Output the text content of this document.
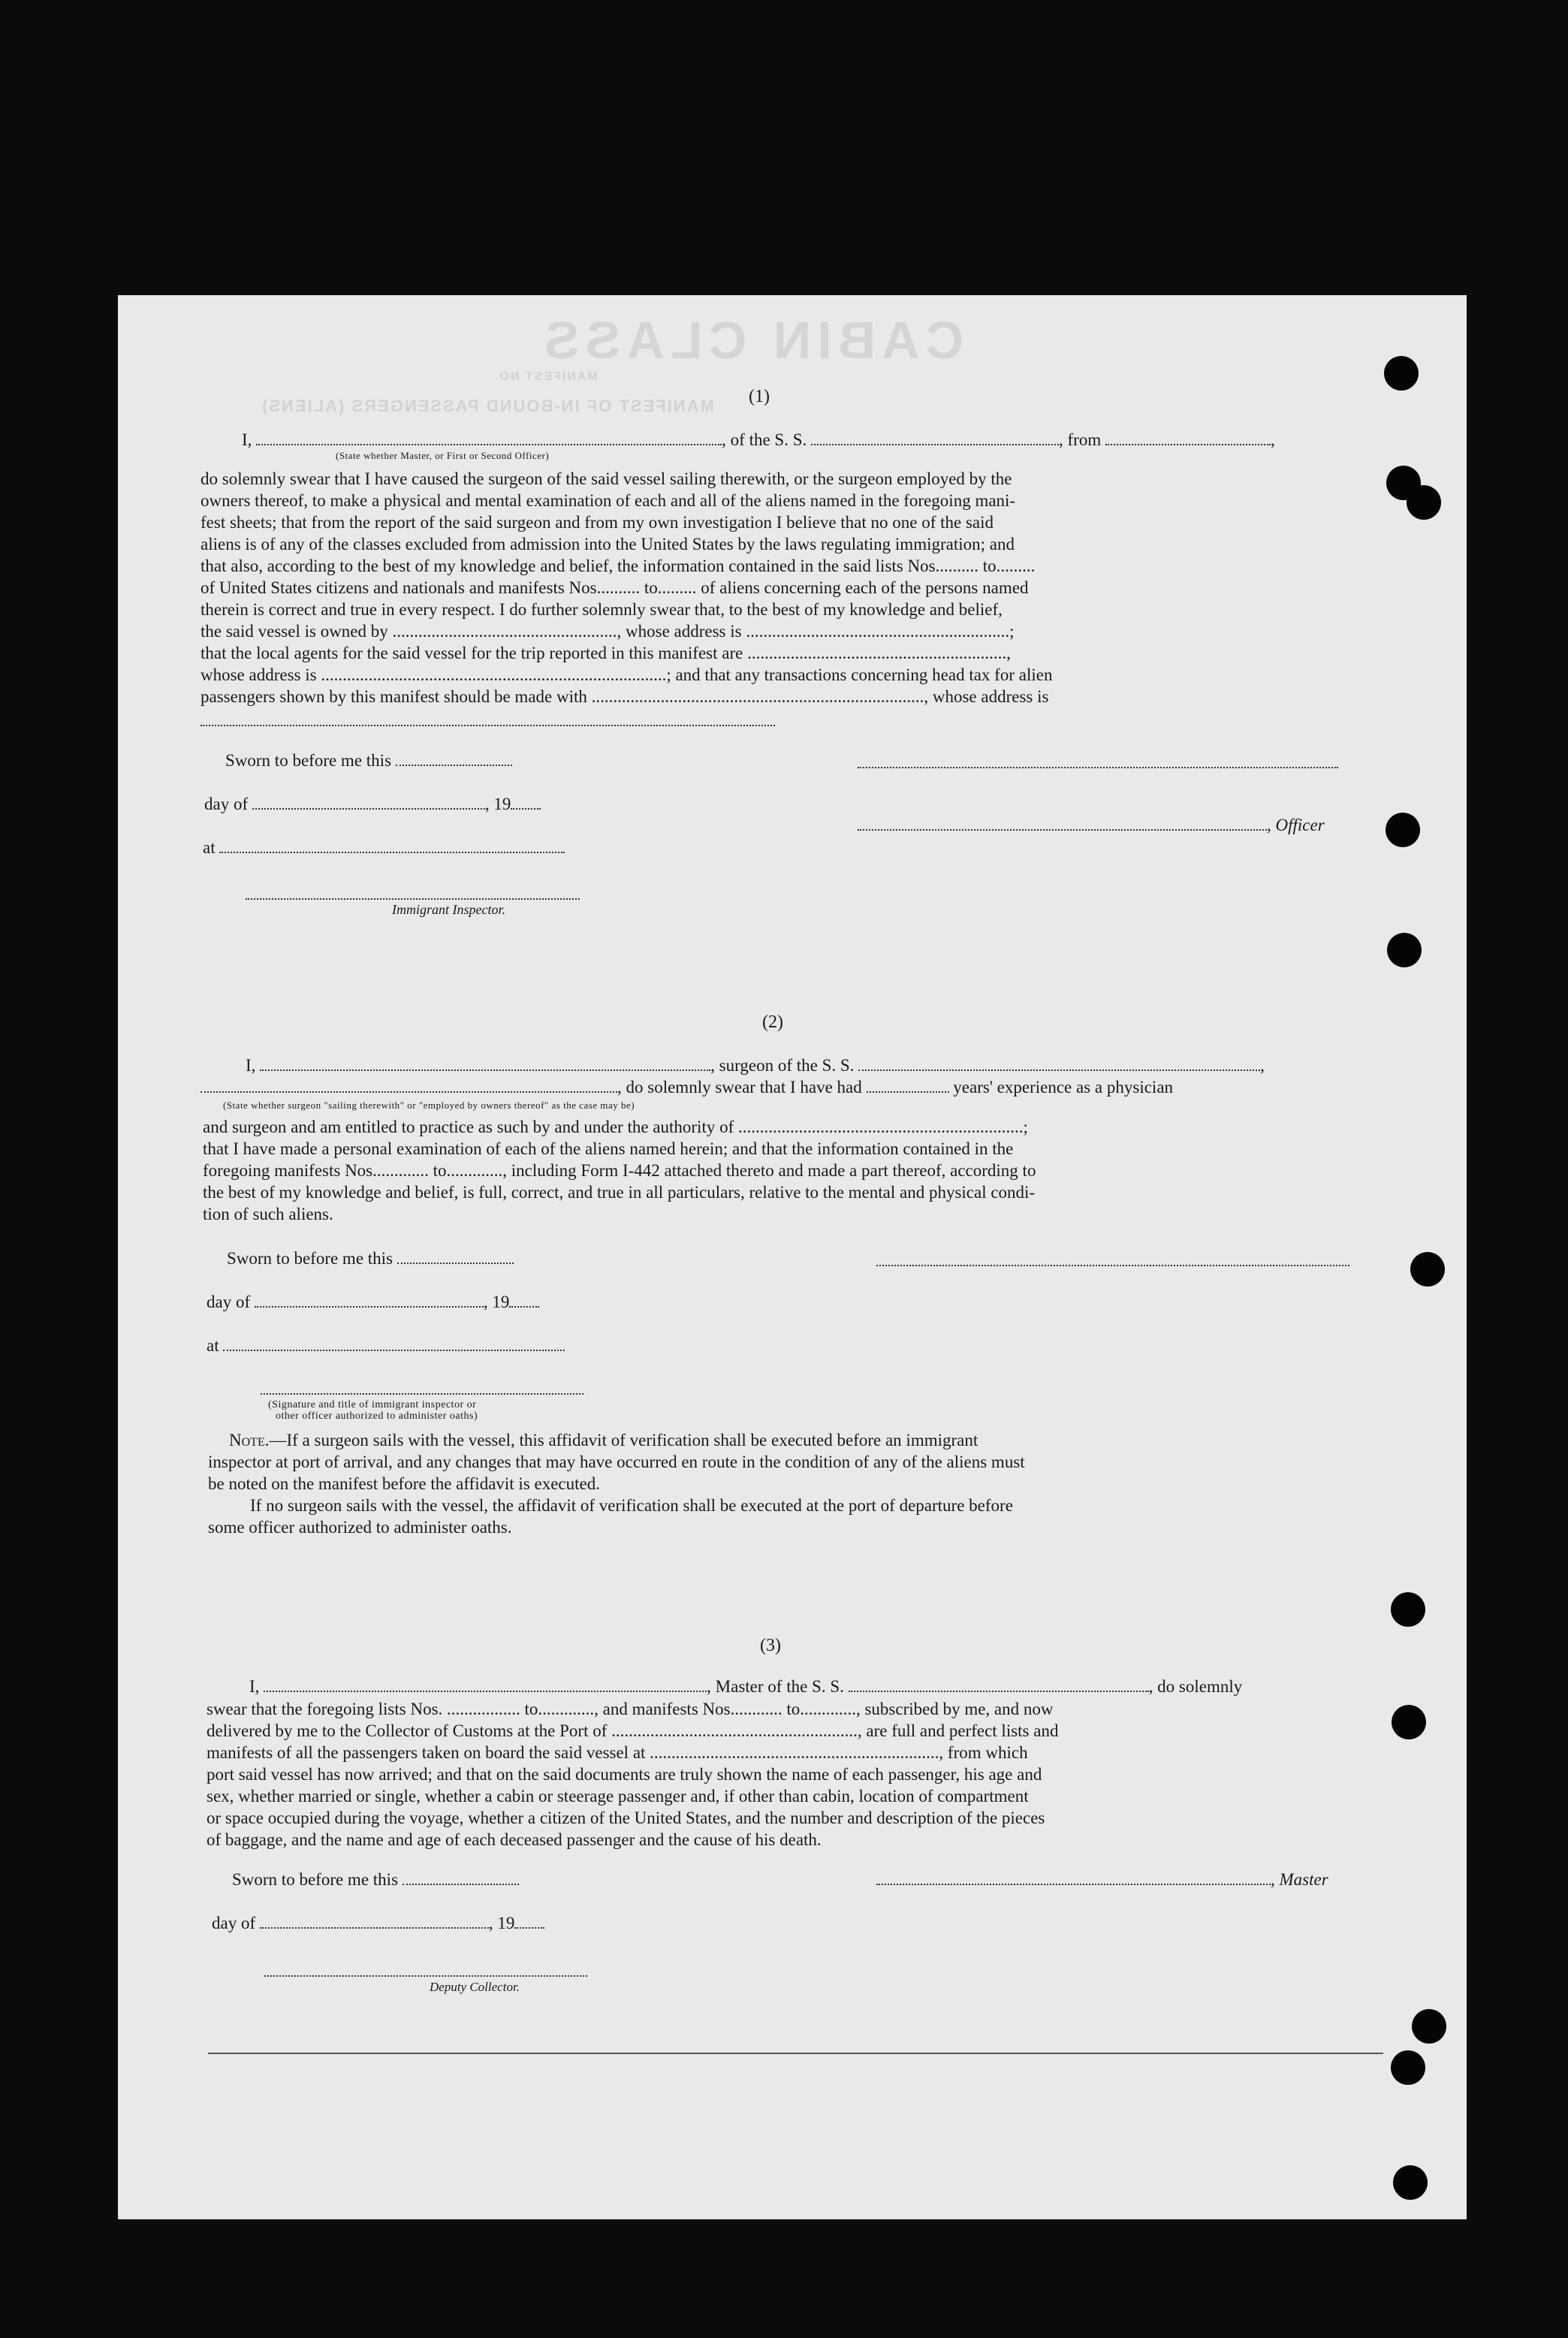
CABIN CLASS
MANIFEST OF IN-BOUND PASSENGERS (ALIENS)
MANIFEST NO.
(1)
I,	, of the S. S.	, from	,
(State whether Master, or First or Second Officer)
do solemnly swear that I have caused the surgeon of the said vessel sailing therewith, or the surgeon employed by the
owners thereof, to make a physical and mental examination of each and all of the aliens named in the foregoing mani-
fest sheets; that from the report of the said surgeon and from my own investigation I believe that no one of the said
aliens is of any of the classes excluded from admission into the United States by the laws regulating immigration; and
that also, according to the best of my knowledge and belief, the information contained in the said lists Nos.......... to.........
of United States citizens and nationals and manifests Nos.......... to......... of aliens concerning each of the persons named
therein is correct and true in every respect. I do further solemnly swear that, to the best of my knowledge and belief,
the said vessel is owned by ...................................................., whose address is .............................................................;
that the local agents for the said vessel for the trip reported in this manifest are ............................................................,
whose address is ................................................................................; and that any transactions concerning head tax for alien
passengers shown by this manifest should be made with ............................................................................., whose address is
Sworn to before me this
day of	, 19
, Officer
at
Immigrant Inspector.
(2)
I,	, surgeon of the S. S.	,
, do solemnly swear that I have had	years' experience as a physician
(State whether surgeon "sailing therewith" or "employed by owners thereof" as the case may be)
and surgeon and am entitled to practice as such by and under the authority of ..................................................................;
that I have made a personal examination of each of the aliens named herein; and that the information contained in the
foregoing manifests Nos............. to............., including Form I-442 attached thereto and made a part thereof, according to
the best of my knowledge and belief, is full, correct, and true in all particulars, relative to the mental and physical condi-
tion of such aliens.
Sworn to before me this
day of	, 19
at
(Signature and title of immigrant inspector or
other officer authorized to administer oaths)
Note.—If a surgeon sails with the vessel, this affidavit of verification shall be executed before an immigrant
inspector at port of arrival, and any changes that may have occurred en route in the condition of any of the aliens must
be noted on the manifest before the affidavit is executed.
If no surgeon sails with the vessel, the affidavit of verification shall be executed at the port of departure before
some officer authorized to administer oaths.
(3)
I,	, Master of the S. S.	, do solemnly
swear that the foregoing lists Nos. ................. to............., and manifests Nos............ to............., subscribed by me, and now
delivered by me to the Collector of Customs at the Port of ........................................................., are full and perfect lists and
manifests of all the passengers taken on board the said vessel at ..................................................................., from which
port said vessel has now arrived; and that on the said documents are truly shown the name of each passenger, his age and
sex, whether married or single, whether a cabin or steerage passenger and, if other than cabin, location of compartment
or space occupied during the voyage, whether a citizen of the United States, and the number and description of the pieces
of baggage, and the name and age of each deceased passenger and the cause of his death.
Sworn to before me this	, Master
day of	, 19
Deputy Collector.
